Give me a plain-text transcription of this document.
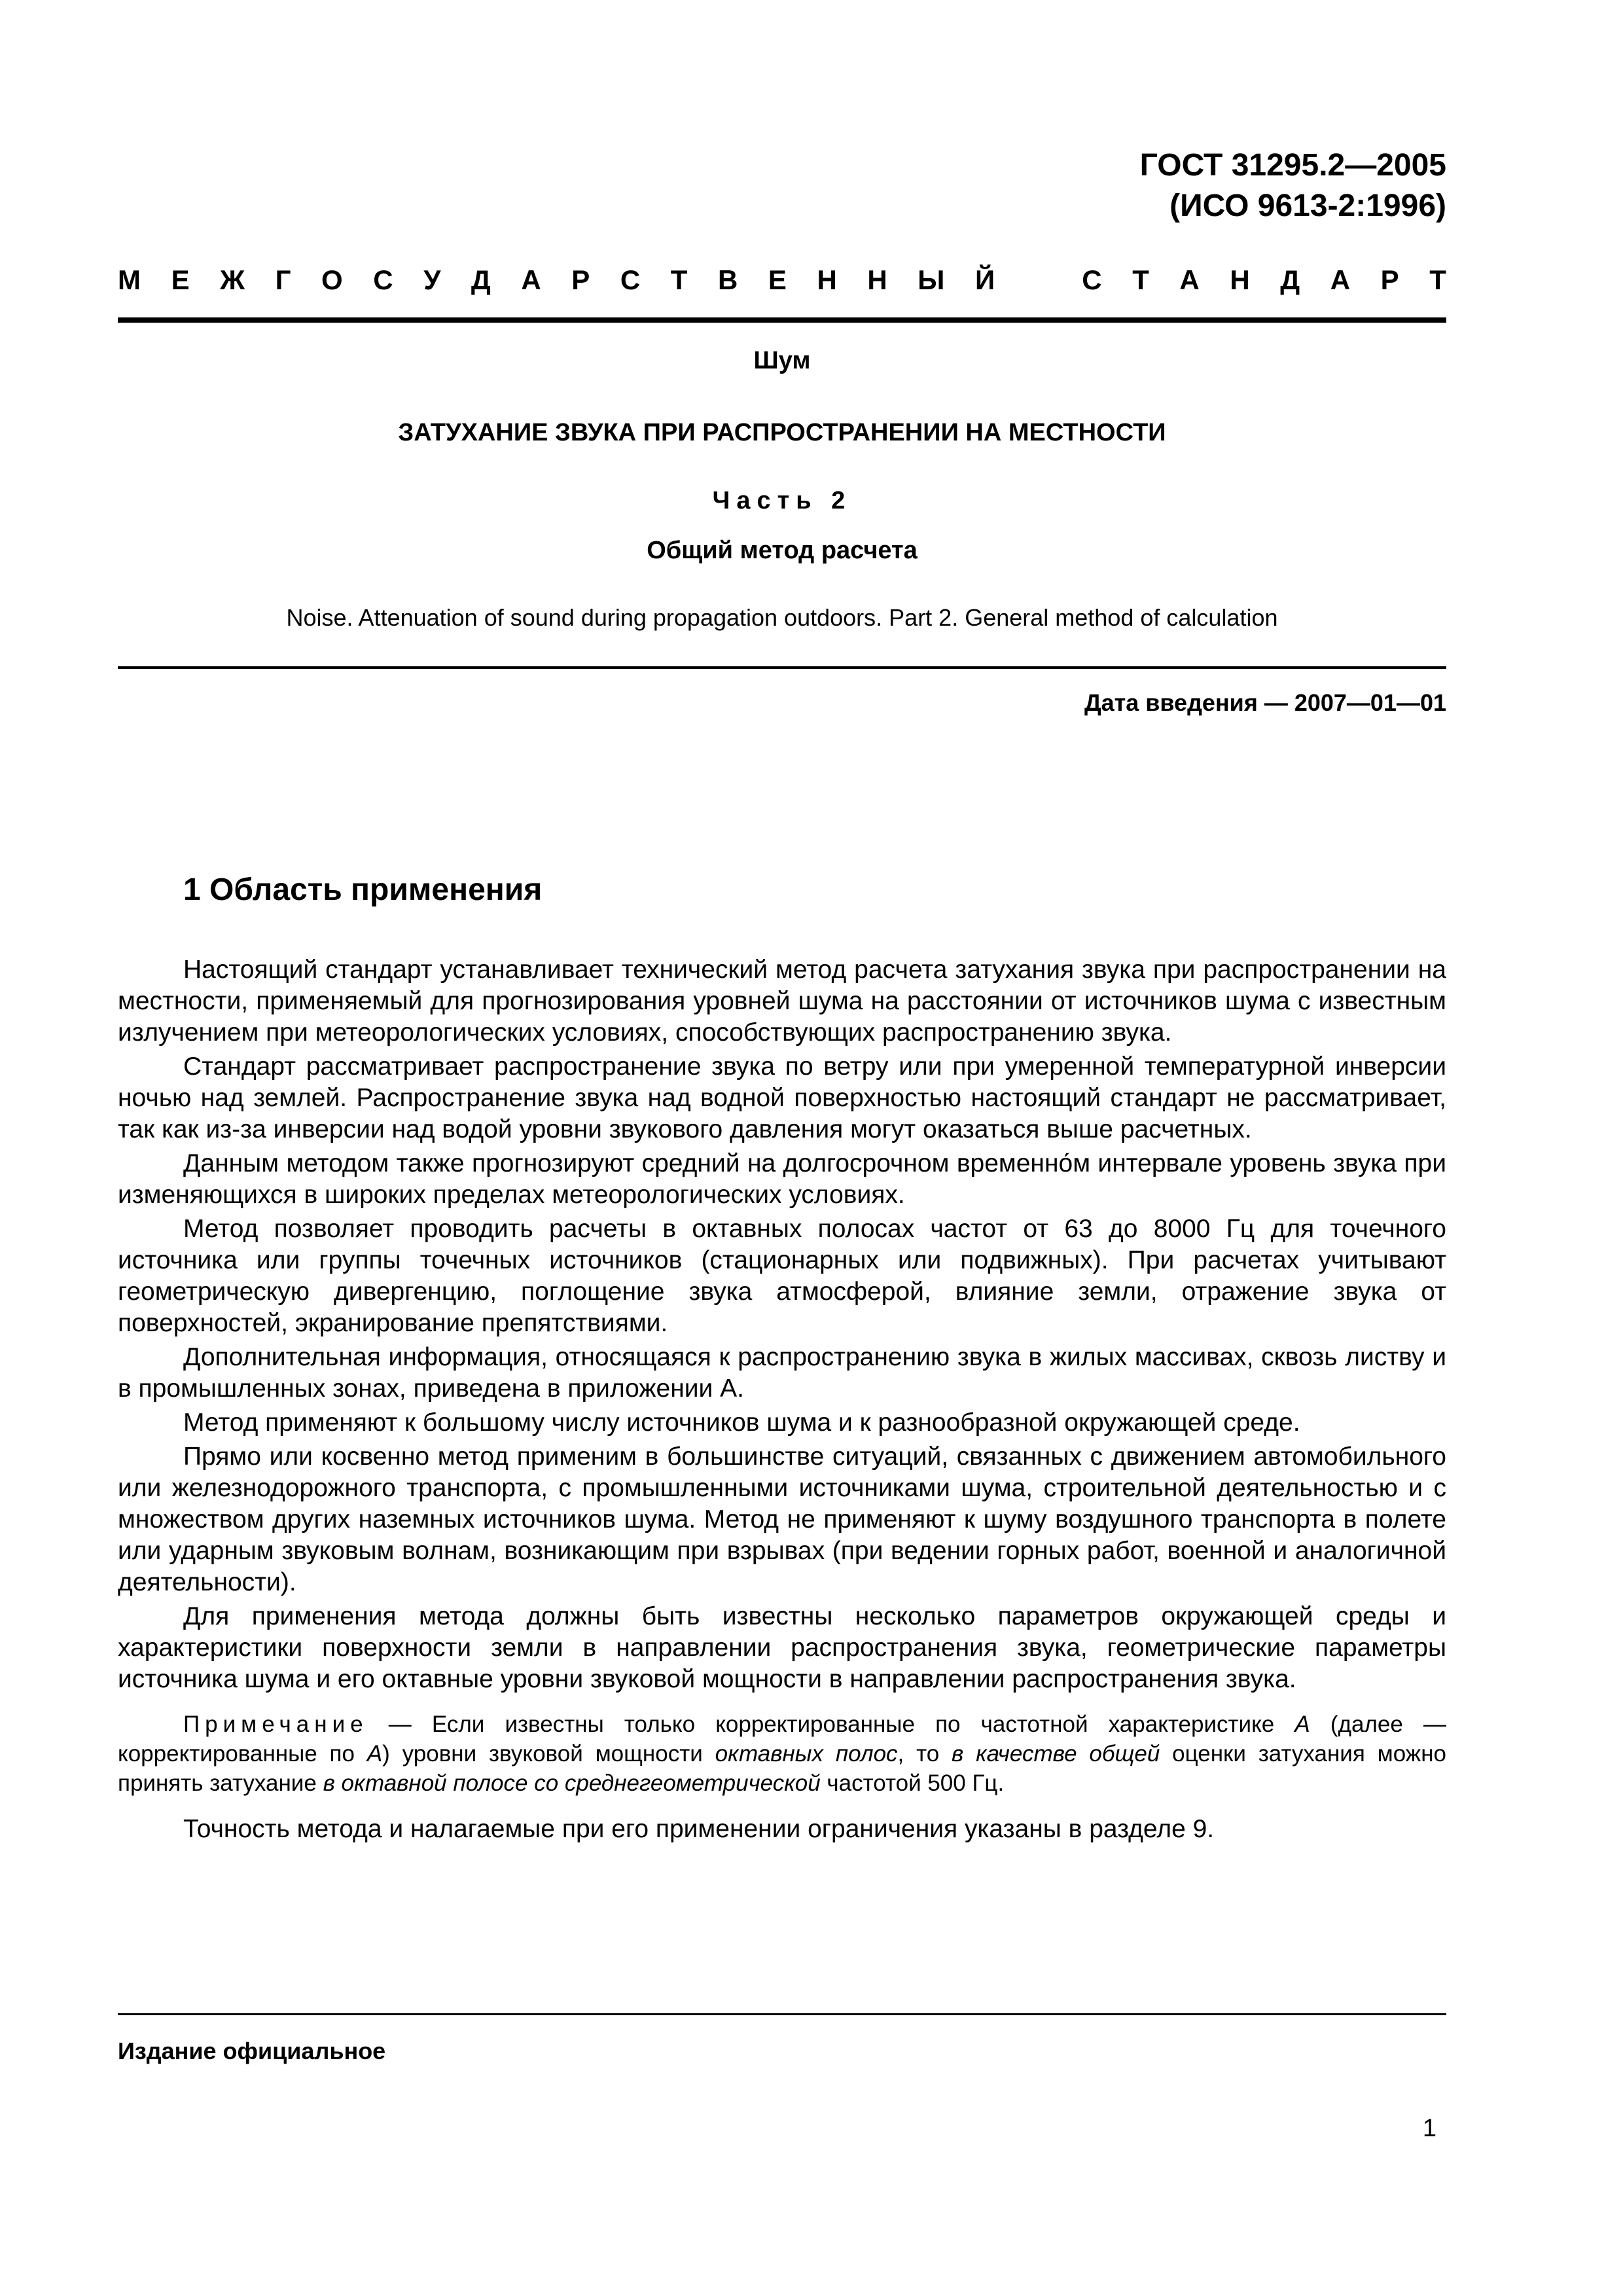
ГОСТ 31295.2—2005
(ИСО 9613-2:1996)
М Е Ж Г О С У Д А Р С Т В Е Н Н Ы Й	С Т А Н Д А Р Т
Шум
ЗАТУХАНИЕ ЗВУКА ПРИ РАСПРОСТРАНЕНИИ НА МЕСТНОСТИ
Часть 2
Общий метод расчета
Noise. Attenuation of sound during propagation outdoors. Part 2. General method of calculation
Дата введения — 2007—01—01
1 Область применения

Настоящий стандарт устанавливает технический метод расчета затухания звука при распространении на местности, применяемый для прогнозирования уровней шума на расстоянии от источников шума с известным излучением при метеорологических условиях, способствующих распространению звука.

Стандарт рассматривает распространение звука по ветру или при умеренной температурной инверсии ночью над землей. Распространение звука над водной поверхностью настоящий стандарт не рассматривает, так как из-за инверсии над водой уровни звукового давления могут оказаться выше расчетных.

Данным методом также прогнозируют средний на долгосрочном временно́м интервале уровень звука при изменяющихся в широких пределах метеорологических условиях.

Метод позволяет проводить расчеты в октавных полосах частот от 63 до 8000 Гц для точечного источника или группы точечных источников (стационарных или подвижных). При расчетах учитывают геометрическую дивергенцию, поглощение звука атмосферой, влияние земли, отражение звука от поверхностей, экранирование препятствиями.

Дополнительная информация, относящаяся к распространению звука в жилых массивах, сквозь листву и в промышленных зонах, приведена в приложении А.

Метод применяют к большому числу источников шума и к разнообразной окружающей среде.

Прямо или косвенно метод применим в большинстве ситуаций, связанных с движением автомобильного или железнодорожного транспорта, с промышленными источниками шума, строительной деятельностью и с множеством других наземных источников шума. Метод не применяют к шуму воздушного транспорта в полете или ударным звуковым волнам, возникающим при взрывах (при ведении горных работ, военной и аналогичной деятельности).

Для применения метода должны быть известны несколько параметров окружающей среды и характеристики поверхности земли в направлении распространения звука, геометрические параметры источника шума и его октавные уровни звуковой мощности в направлении распространения звука.

Примечание — Если известны только корректированные по частотной характеристике А (далее — корректированные по А) уровни звуковой мощности октавных полос, то в качестве общей оценки затухания можно принять затухание в октавной полосе со среднегеометрической частотой 500 Гц.

Точность метода и налагаемые при его применении ограничения указаны в разделе 9.

Издание официальное
1
